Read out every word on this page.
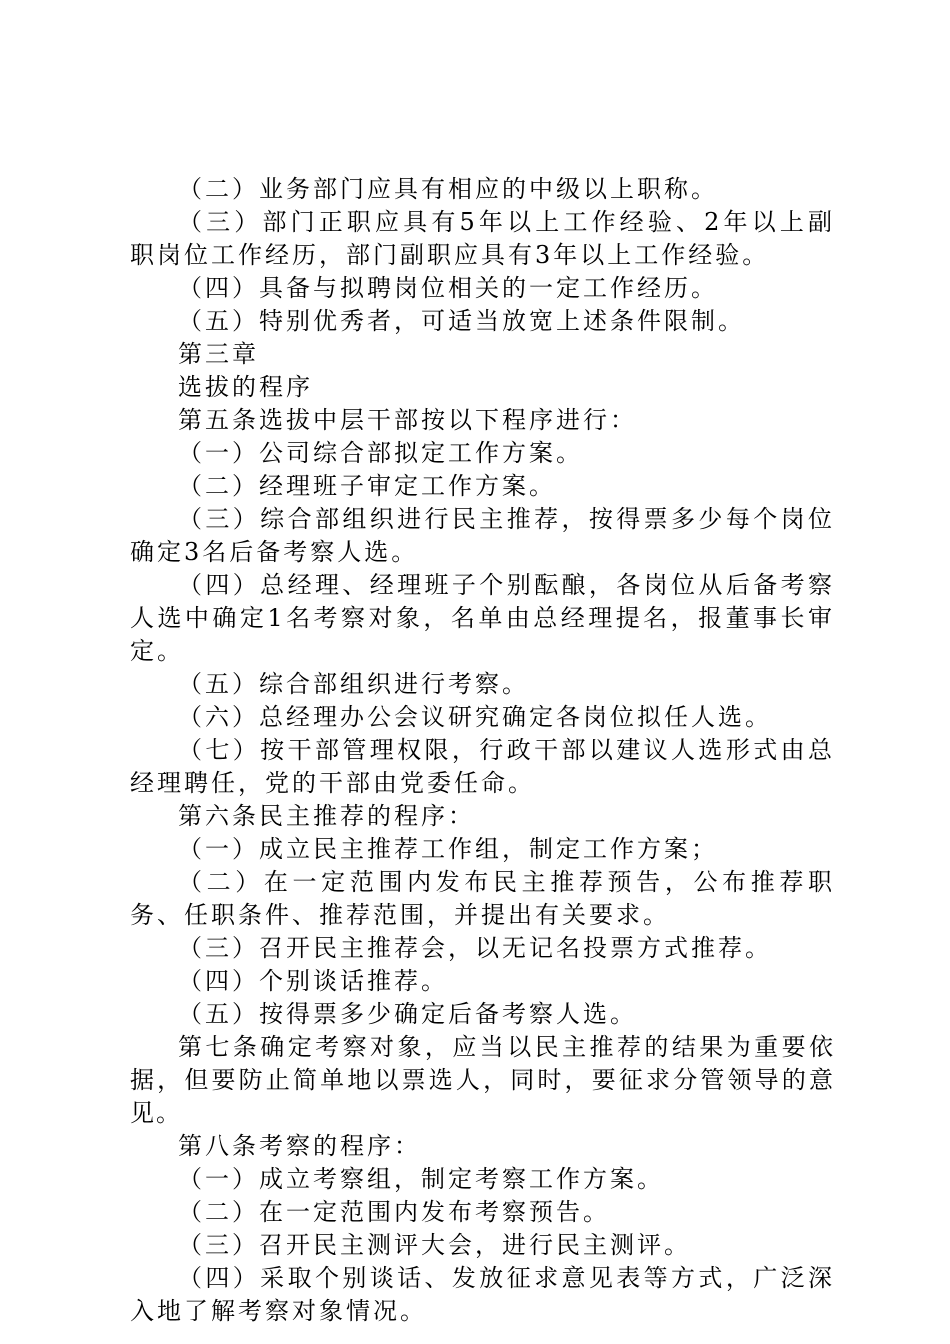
（二）业务部门应具有相应的中级以上职称。

（三）部门正职应具有5年以上工作经验、2年以上副职岗位工作经历，部门副职应具有3年以上工作经验。

（四）具备与拟聘岗位相关的一定工作经历。

（五）特别优秀者，可适当放宽上述条件限制。

第三章

选拔的程序

第五条选拔中层干部按以下程序进行：

（一）公司综合部拟定工作方案。

（二）经理班子审定工作方案。

（三）综合部组织进行民主推荐，按得票多少每个岗位确定3名后备考察人选。

（四）总经理、经理班子个别酝酿，各岗位从后备考察人选中确定1名考察对象，名单由总经理提名，报董事长审定。

（五）综合部组织进行考察。

（六）总经理办公会议研究确定各岗位拟任人选。

（七）按干部管理权限，行政干部以建议人选形式由总经理聘任，党的干部由党委任命。

第六条民主推荐的程序：

（一）成立民主推荐工作组，制定工作方案；

（二）在一定范围内发布民主推荐预告，公布推荐职务、任职条件、推荐范围，并提出有关要求。

（三）召开民主推荐会，以无记名投票方式推荐。

（四）个别谈话推荐。

（五）按得票多少确定后备考察人选。

第七条确定考察对象，应当以民主推荐的结果为重要依据，但要防止简单地以票选人，同时，要征求分管领导的意见。

第八条考察的程序：

（一）成立考察组，制定考察工作方案。

（二）在一定范围内发布考察预告。

（三）召开民主测评大会，进行民主测评。

（四）采取个别谈话、发放征求意见表等方式，广泛深入地了解考察对象情况。
